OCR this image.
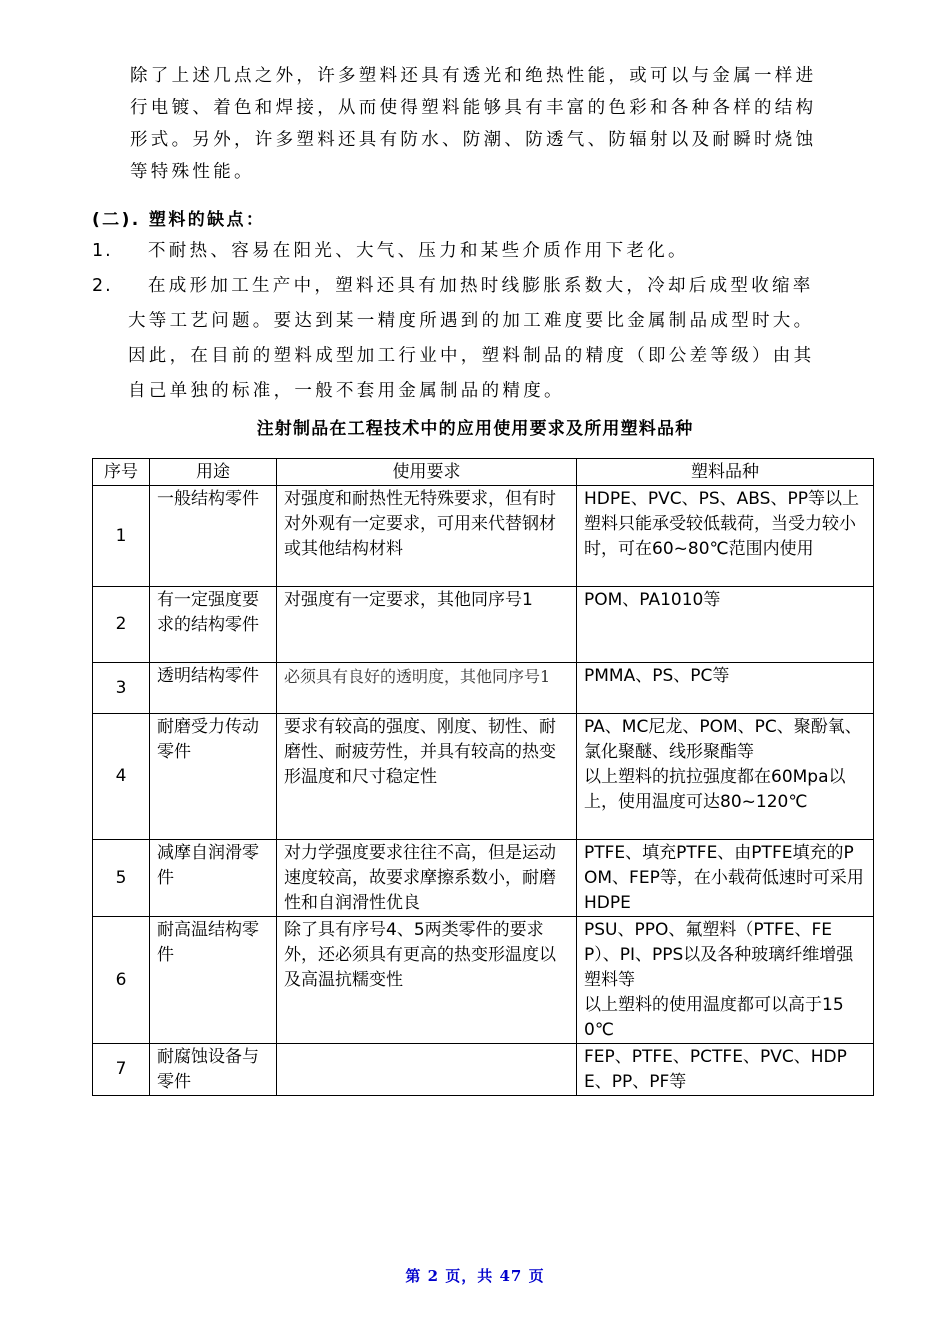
除了上述几点之外，许多塑料还具有透光和绝热性能，或可以与金属一样进
行电镀、着色和焊接，从而使得塑料能够具有丰富的色彩和各种各样的结构
形式。另外，许多塑料还具有防水、防潮、防透气、防辐射以及耐瞬时烧蚀
等特殊性能。
(二). 塑料的缺点：
1. 不耐热、容易在阳光、大气、压力和某些介质作用下老化。
2. 在成形加工生产中，塑料还具有加热时线膨胀系数大，冷却后成型收缩率
大等工艺问题。要达到某一精度所遇到的加工难度要比金属制品成型时大。
因此，在目前的塑料成型加工行业中，塑料制品的精度（即公差等级）由其
自己单独的标准，一般不套用金属制品的精度。
注射制品在工程技术中的应用使用要求及所用塑料品种
序号	用途	使用要求	塑料品种
1	一般结构零件	对强度和耐热性无特殊要求，但有时对外观有一定要求，可用来代替钢材或其他结构材料	HDPE、PVC、PS、ABS、PP等以上塑料只能承受较低载荷，当受力较小时，可在60~80℃范围内使用

2	有一定强度要求的结构零件	对强度有一定要求，其他同序号1	POM、PA1010等

3	透明结构零件	必须具有良好的透明度，其他同序号1	PMMA、PS、PC等

4	耐磨受力传动零件	要求有较高的强度、刚度、韧性、耐磨性、耐疲劳性，并具有较高的热变形温度和尺寸稳定性	PA、MC尼龙、POM、PC、聚酚氧、氯化聚醚、线形聚酯等
以上塑料的抗拉强度都在60Mpa以上，使用温度可达80~120℃

5	减摩自润滑零件	对力学强度要求往往不高，但是运动速度较高，故要求摩擦系数小，耐磨性和自润滑性优良	PTFE、填充PTFE、由PTFE填充的POM、FEP等，在小载荷低速时可采用HDPE

6	耐高温结构零件	除了具有序号4、5两类零件的要求外，还必须具有更高的热变形温度以及高温抗糯变性	PSU、PPO、氟塑料（PTFE、FEP）、PI、PPS以及各种玻璃纤维增强塑料等
以上塑料的使用温度都可以高于150℃

7	耐腐蚀设备与零件		FEP、PTFE、PCTFE、PVC、HDPE、PP、PF等
第 2 页，共 47 页
